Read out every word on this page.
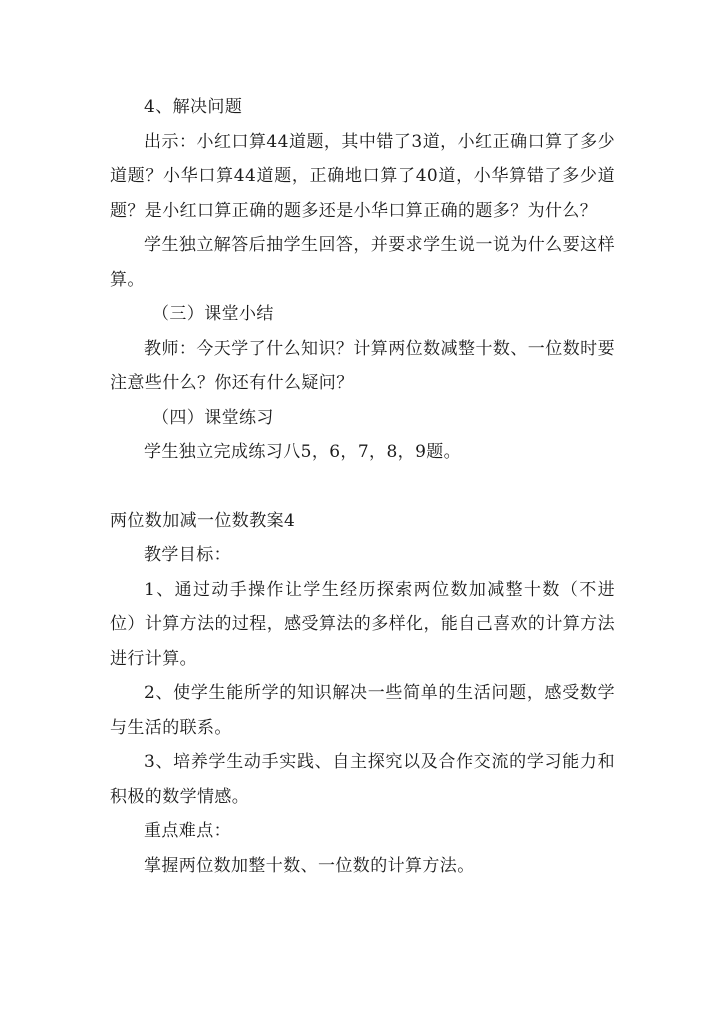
4、解决问题

出示：小红口算44道题，其中错了3道，小红正确口算了多少道题？小华口算44道题，正确地口算了40道，小华算错了多少道题？是小红口算正确的题多还是小华口算正确的题多？为什么？

学生独立解答后抽学生回答，并要求学生说一说为什么要这样算。

（三）课堂小结

教师：今天学了什么知识？计算两位数减整十数、一位数时要注意些什么？你还有什么疑问？

（四）课堂练习

学生独立完成练习八5，6，7，8，9题。

两位数加减一位数教案4

教学目标：

1、通过动手操作让学生经历探索两位数加减整十数（不进位）计算方法的过程，感受算法的多样化，能自己喜欢的计算方法进行计算。

2、使学生能所学的知识解决一些简单的生活问题，感受数学与生活的联系。

3、培养学生动手实践、自主探究以及合作交流的学习能力和积极的数学情感。

重点难点：

掌握两位数加整十数、一位数的计算方法。
